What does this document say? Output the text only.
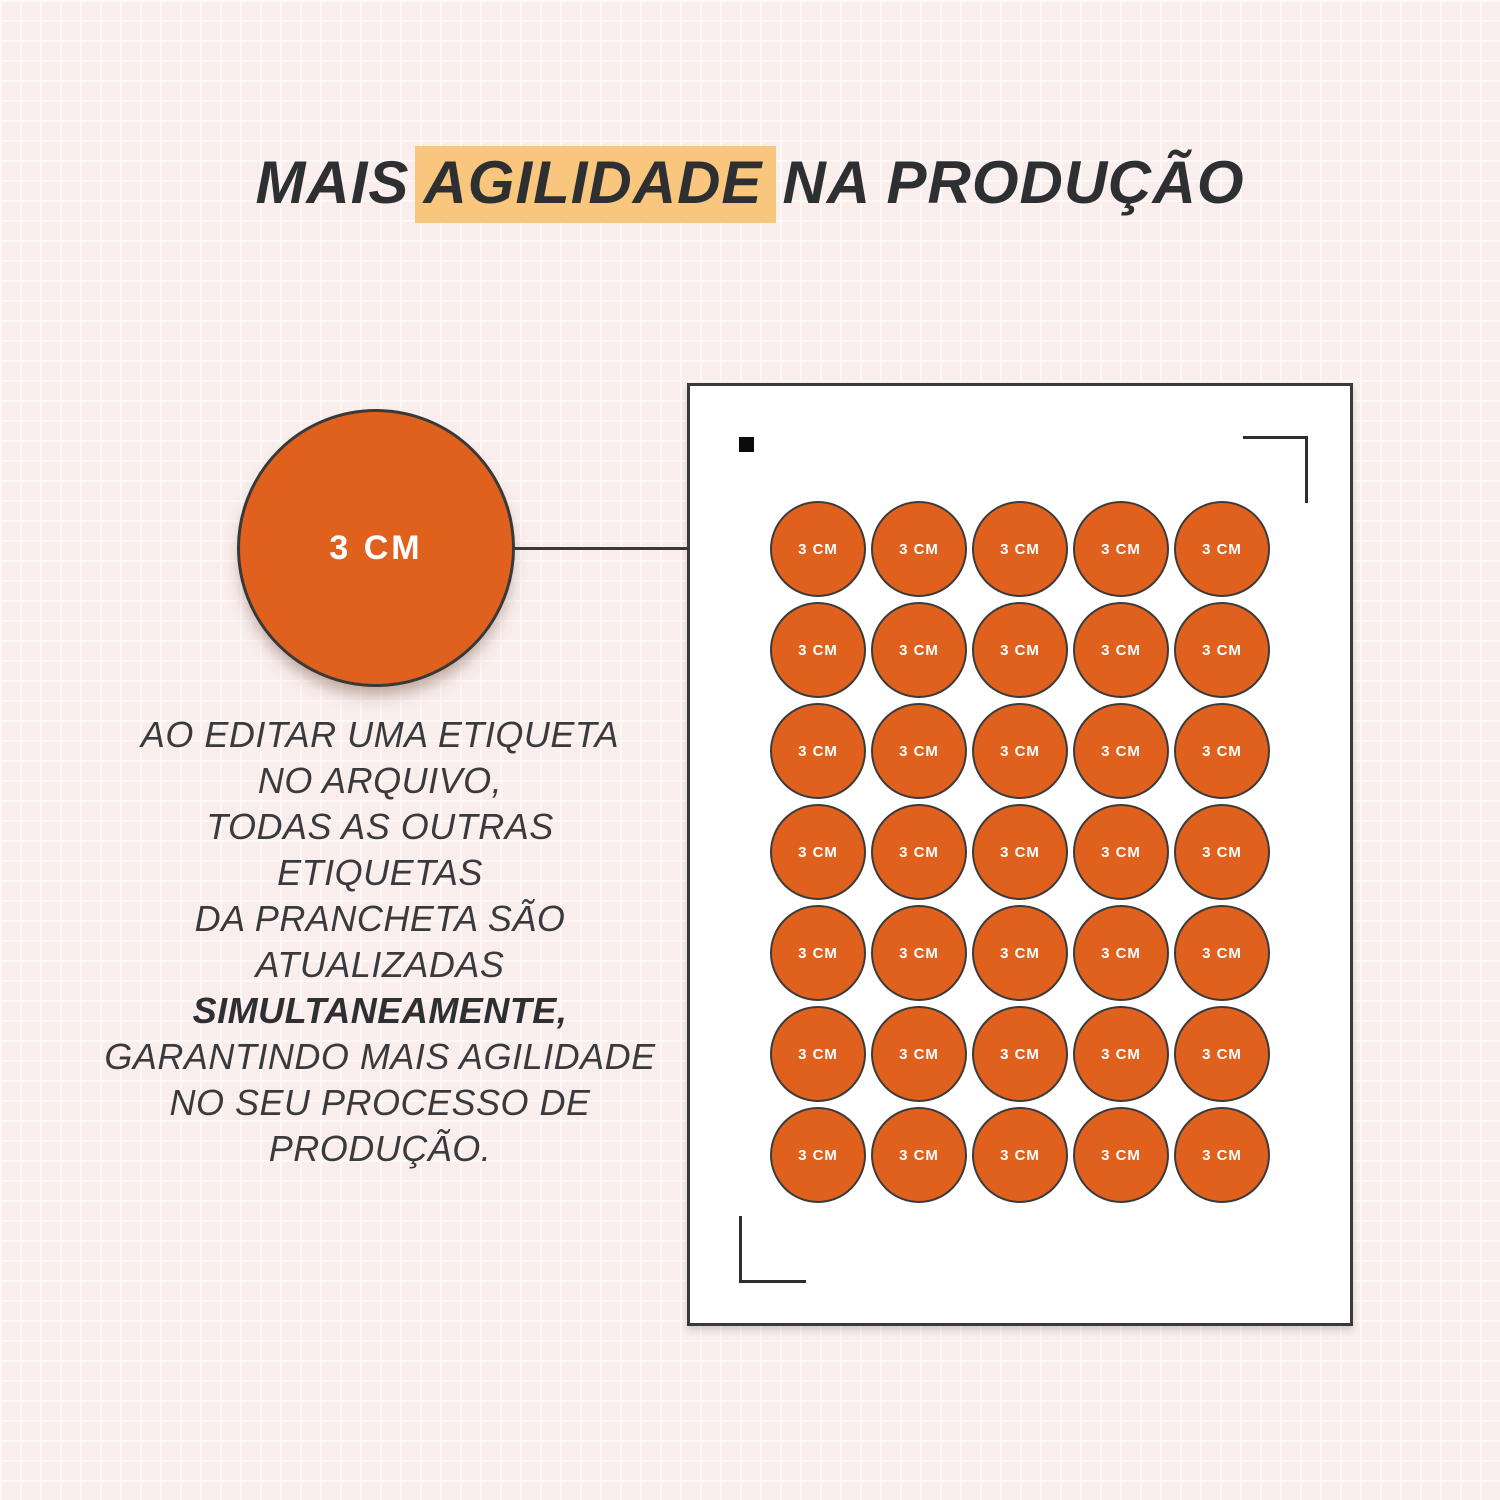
MAIS AGILIDADE NA PRODUÇÃO
3 CM
AO EDITAR UMA ETIQUETA
NO ARQUIVO,
TODAS AS OUTRAS
ETIQUETAS
DA PRANCHETA SÃO
ATUALIZADAS
SIMULTANEAMENTE,
GARANTINDO MAIS AGILIDADE
NO SEU PROCESSO DE
PRODUÇÃO.
3 CM	3 CM	3 CM	3 CM	3 CM
3 CM	3 CM	3 CM	3 CM	3 CM
3 CM	3 CM	3 CM	3 CM	3 CM
3 CM	3 CM	3 CM	3 CM	3 CM
3 CM	3 CM	3 CM	3 CM	3 CM
3 CM	3 CM	3 CM	3 CM	3 CM
3 CM	3 CM	3 CM	3 CM	3 CM
